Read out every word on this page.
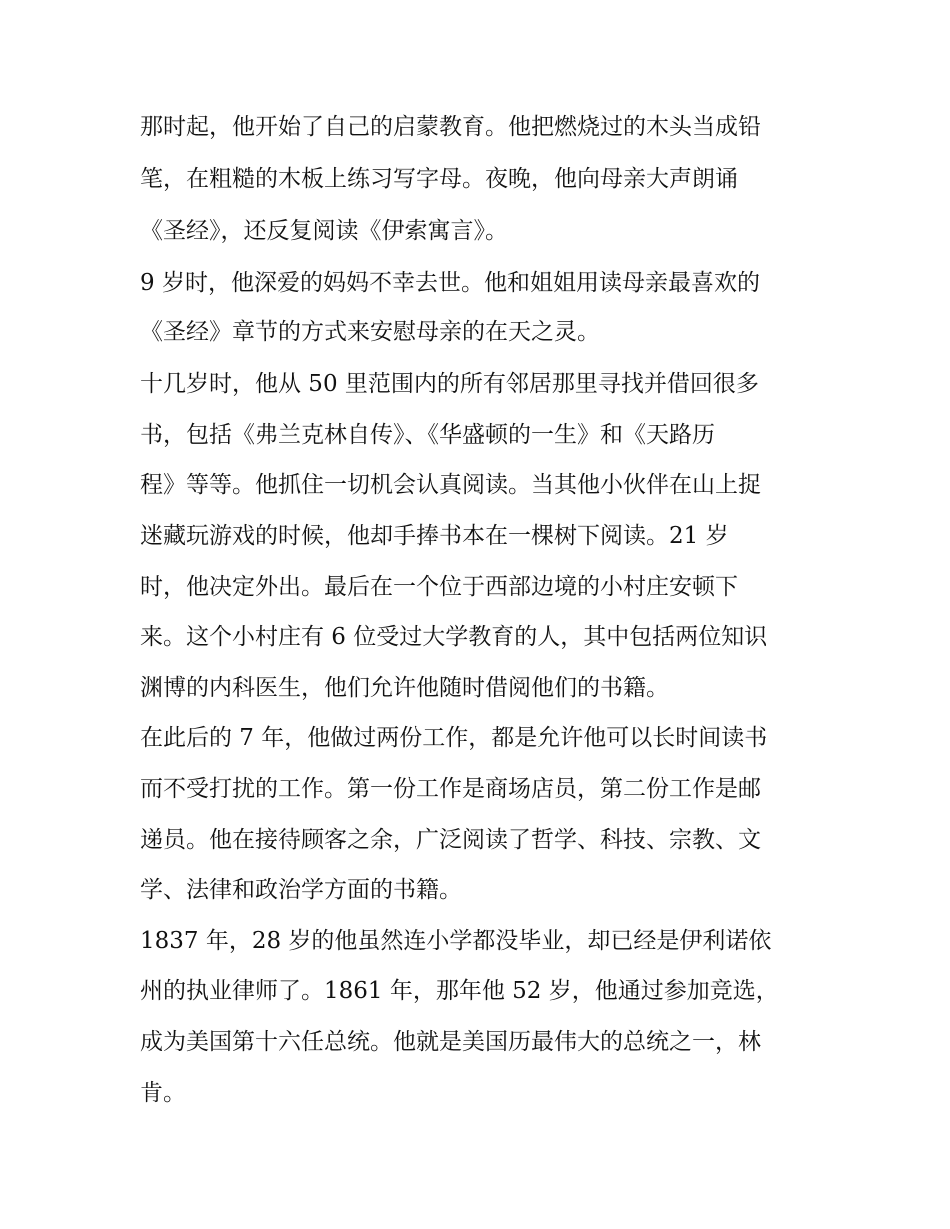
那时起，他开始了自己的启蒙教育。他把燃烧过的木头当成铅
笔，在粗糙的木板上练习写字母。夜晚，他向母亲大声朗诵
《圣经》，还反复阅读《伊索寓言》。
9 岁时，他深爱的妈妈不幸去世。他和姐姐用读母亲最喜欢的
《圣经》章节的方式来安慰母亲的在天之灵。
十几岁时，他从 50 里范围内的所有邻居那里寻找并借回很多
书，包括《弗兰克林自传》、《华盛顿的一生》和《天路历
程》等等。他抓住一切机会认真阅读。当其他小伙伴在山上捉
迷藏玩游戏的时候，他却手捧书本在一棵树下阅读。21 岁
时，他决定外出。最后在一个位于西部边境的小村庄安顿下
来。这个小村庄有 6 位受过大学教育的人，其中包括两位知识
渊博的内科医生，他们允许他随时借阅他们的书籍。
在此后的 7 年，他做过两份工作，都是允许他可以长时间读书
而不受打扰的工作。第一份工作是商场店员，第二份工作是邮
递员。他在接待顾客之余，广泛阅读了哲学、科技、宗教、文
学、法律和政治学方面的书籍。
1837 年，28 岁的他虽然连小学都没毕业，却已经是伊利诺依
州的执业律师了。1861 年，那年他 52 岁，他通过参加竞选，
成为美国第十六任总统。他就是美国历最伟大的总统之一，林
肯。
